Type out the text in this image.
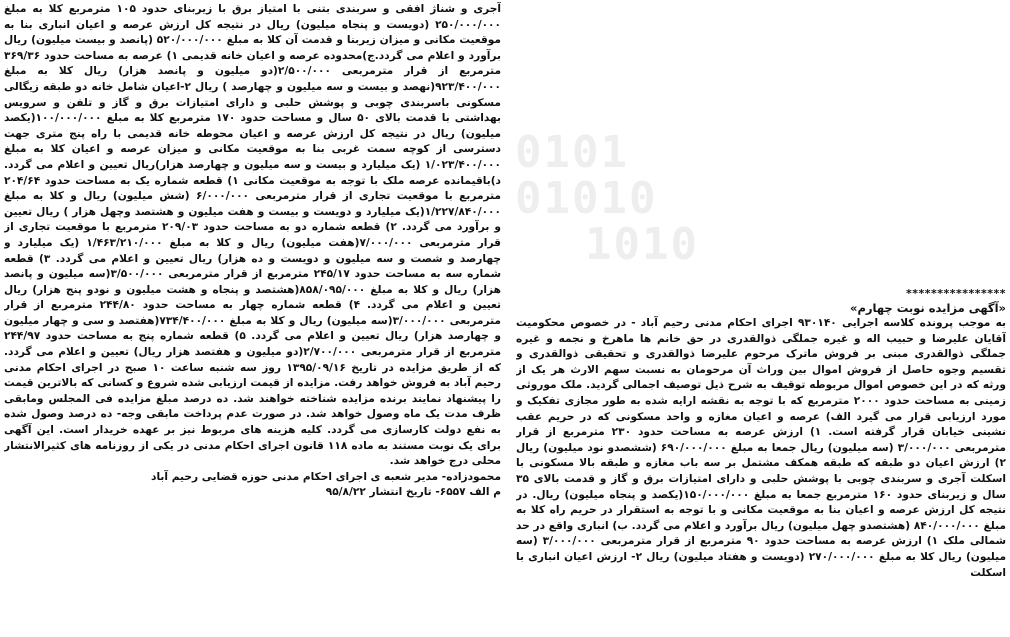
0101
01010
1010

آجری و شناژ افقی و سربندی بتنی با امتیاز برق با زیربنای حدود ۱۰۵ مترمربع کلا به مبلغ ۲۵۰/۰۰۰/۰۰۰ (دویست و پنجاه میلیون) ریال در نتیجه کل ارزش عرصه و اعیان انباری بنا به موقعیت مکانی و میزان زیربنا و قدمت آن کلا به مبلغ ۵۲۰/۰۰۰/۰۰۰ (پانصد و بیست میلیون) ریال برآورد و اعلام می گردد.ج)محدوده عرصه و اعیان خانه قدیمی ۱) عرصه به مساحت حدود ۳۶۹/۳۶ مترمربع از قرار مترمربعی ۲/۵۰۰/۰۰۰(دو میلیون و پانصد هزار) ریال کلا به مبلغ ۹۲۳/۴۰۰/۰۰۰(نهصد و بیست و سه میلیون و چهارصد ) ریال ۲-اعیان شامل خانه دو طبقه زیگالی مسکونی باسربندی چوبی و پوشش حلبی و دارای امتیازات برق و گاز و تلفن و سرویس بهداشتی با قدمت بالای ۵۰ سال و مساحت حدود ۱۷۰ مترمربع کلا به مبلغ ۱۰۰/۰۰۰/۰۰۰(یکصد میلیون) ریال در نتیجه کل ارزش عرصه و اعیان محوطه خانه قدیمی با راه پنج متری جهت دسترسی از کوچه سمت غربی بنا به موقعیت مکانی و میزان عرصه و اعیان کلا به مبلغ ۱/۰۲۳/۴۰۰/۰۰۰ (یک میلیارد و بیست و سه میلیون و چهارصد هزار)ریال تعیین و اعلام می گردد. د)باقیمانده عرصه ملک با توجه به موقعیت مکانی ۱) قطعه شماره یک به مساحت حدود ۲۰۴/۶۴ مترمربع با موقعیت تجاری از قرار مترمربعی ۶/۰۰۰/۰۰۰ (شش میلیون) ریال و کلا به مبلغ ۱/۲۲۷/۸۴۰/۰۰۰(یک میلیارد و دویست و بیست و هفت میلیون و هشتصد وچهل هزار ) ریال تعیین و برآورد می گردد. ۲) قطعه شماره دو به مساحت حدود ۲۰۹/۰۳ مترمربع با موقعیت تجاری از قرار مترمربعی ۷/۰۰۰/۰۰۰(هفت میلیون) ریال و کلا به مبلغ ۱/۴۶۳/۲۱۰/۰۰۰ (یک میلیارد و چهارصد و شصت و سه میلیون و دویست و ده هزار) ریال تعیین و اعلام می گردد. ۳) قطعه شماره سه به مساحت حدود ۲۴۵/۱۷ مترمربع از قرار مترمربعی ۳/۵۰۰/۰۰۰(سه میلیون و پانصد هزار) ریال و کلا به مبلغ ۸۵۸/۰۹۵/۰۰۰(هشتصد و پنجاه و هشت میلیون و نودو پنج هزار) ریال تعیین و اعلام می گردد. ۴) قطعه شماره چهار به مساحت حدود ۲۴۴/۸۰ مترمربع از قرار مترمربعی ۳/۰۰۰/۰۰۰(سه میلیون) ریال و کلا به مبلغ ۷۳۴/۴۰۰/۰۰۰(هفتصد و سی و چهار میلیون و چهارصد هزار) ریال تعیین و اعلام می گردد. ۵) قطعه شماره پنج به مساحت حدود ۲۴۴/۹۷ مترمربع از قرار مترمربعی ۲/۷۰۰/۰۰۰(دو میلیون و هفتصد هزار ریال) تعیین و اعلام می گردد. که از طریق مزایده در تاریخ ۱۳۹۵/۰۹/۱۶ روز سه شنبه ساعت ۱۰ صبح در اجرای احکام مدنی رحیم آباد به فروش خواهد رفت. مزایده از قیمت ارزیابی شده شروع و کسانی که بالاترین قیمت را پیشنهاد نمایند برنده مزایده شناخته خواهند شد. ده درصد مبلغ مزایده فی المجلس ومابقی ظرف مدت یک ماه وصول خواهد شد. در صورت عدم پرداخت مابقی وجه- ده درصد وصول شده به نفع دولت کارسازی می گردد. کلیه هزینه های مربوط نیز بر عهده خریدار است. این آگهی برای یک نوبت مستند به ماده ۱۱۸ قانون اجرای احکام مدنی در یکی از روزنامه های کثیرالانتشار محلی درج خواهد شد.

محمودزاده- مدیر شعبه ی اجرای احکام مدنی حوزه قضایی رحیم آباد

م الف ۶۵۵۷- تاریخ انتشار ۹۵/۸/۲۲

****************

«آگهی مزایده نوبت چهارم»

به موجب پرونده کلاسه اجرایی ۹۳۰۱۴۰ اجرای احکام مدنی رحیم آباد - در خصوص محکومیت آقایان علیرضا و حبیب اله و غیره جملگی ذوالقدری در حق خانم ها ماهرخ و نجمه و غیره جملگی ذوالقدری مبنی بر فروش ماترک مرحوم علیرضا ذوالقدری و تحقیقی ذوالقدری و تقسیم وجوه حاصل از فروش اموال بین وراث آن مرحومان به نسبت سهم الارث هر یک از ورثه که در این خصوص اموال مربوطه توقیف به شرح ذیل توصیف اجمالی گردید. ملک موروثی زمینی به مساحت حدود ۲۰۰۰ مترمربع که با توجه به نقشه ارایه شده به طور مجازی تفکیک و مورد ارزیابی قرار می گیرد الف) عرصه و اعیان مغازه و واحد مسکونی که در حریم عقب نشینی خیابان قرار گرفته است. ۱) ارزش عرصه به مساحت حدود ۲۳۰ مترمربع از قرار مترمربعی ۳/۰۰۰/۰۰۰ (سه میلیون) ریال جمعا به مبلغ ۶۹۰/۰۰۰/۰۰۰ (ششصدو نود میلیون) ریال ۲) ارزش اعیان دو طبقه که طبقه همکف مشتمل بر سه باب مغازه و طبقه بالا مسکونی با اسکلت آجری و سربندی چوبی با پوشش حلبی و دارای امتیازات برق و گاز و قدمت بالای ۳۵ سال و زیربنای حدود ۱۶۰ مترمربع جمعا به مبلغ ۱۵۰/۰۰۰/۰۰۰(یکصد و پنجاه میلیون) ریال. در نتیجه کل ارزش عرصه و اعیان بنا به موقعیت مکانی و با توجه به استقرار در حریم راه کلا به مبلغ ۸۴۰/۰۰۰/۰۰۰ (هشتصدو چهل میلیون) ریال برآورد و اعلام می گردد. ب) انباری واقع در حد شمالی ملک ۱) ارزش عرصه به مساحت حدود ۹۰ مترمربع از قرار مترمربعی ۳/۰۰۰/۰۰۰ (سه میلیون) ریال کلا به مبلغ ۲۷۰/۰۰۰/۰۰۰ (دویست و هفتاد میلیون) ریال ۲- ارزش اعیان انباری با اسکلت
